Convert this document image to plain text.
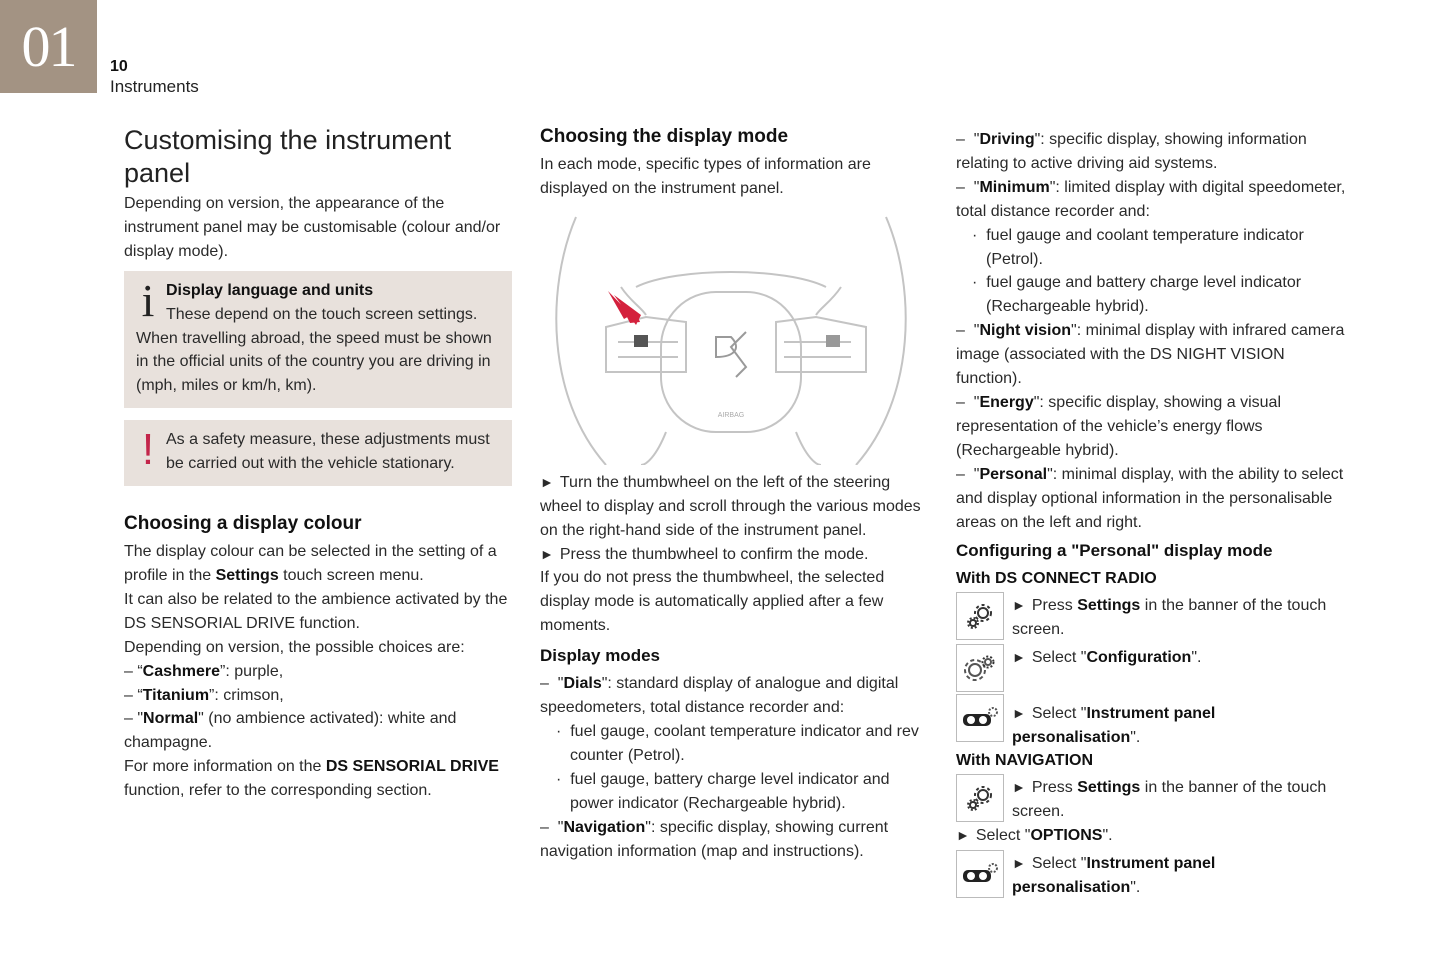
01 10
Instruments
Customising the instrument panel

Depending on version, the appearance of the instrument panel may be customisable (colour and/or display mode).

i Display language and units

These depend on the touch screen settings.

When travelling abroad, the speed must be shown in the official units of the country you are driving in (mph, miles or km/h, km).

! As a safety measure, these adjustments must be carried out with the vehicle stationary.

Choosing a display colour

The display colour can be selected in the setting of a profile in the Settings touch screen menu.

It can also be related to the ambience activated by the DS SENSORIAL DRIVE function.

Depending on version, the possible choices are:

– “Cashmere”: purple,

– “Titanium”: crimson,

– "Normal" (no ambience activated): white and champagne.

For more information on the DS SENSORIAL DRIVE function, refer to the corresponding section.

Choosing the display mode

In each mode, specific types of information are displayed on the instrument panel.

AIRBAG

► Turn the thumbwheel on the left of the steering wheel to display and scroll through the various modes on the right-hand side of the instrument panel.

► Press the thumbwheel to confirm the mode.

If you do not press the thumbwheel, the selected display mode is automatically applied after a few moments.

Display modes

–  "Dials": standard display of analogue and digital speedometers, total distance recorder and:

·  fuel gauge, coolant temperature indicator and rev counter (Petrol).

·  fuel gauge, battery charge level indicator and power indicator (Rechargeable hybrid).

–  "Navigation": specific display, showing current navigation information (map and instructions).

–  "Driving": specific display, showing information relating to active driving aid systems.

–  "Minimum": limited display with digital speedometer, total distance recorder and:

·  fuel gauge and coolant temperature indicator (Petrol).

·  fuel gauge and battery charge level indicator (Rechargeable hybrid).

–  "Night vision": minimal display with infrared camera image (associated with the DS NIGHT VISION function).

–  "Energy": specific display, showing a visual representation of the vehicle’s energy flows (Rechargeable hybrid).

–  "Personal": minimal display, with the ability to select and display optional information in the personalisable areas on the left and right.

Configuring a "Personal" display mode
With DS CONNECT RADIO
► Press Settings in the banner of the touch screen.
► Select "Configuration".
► Select "Instrument panel personalisation".
With NAVIGATION
► Press Settings in the banner of the touch screen.

► Select "OPTIONS".

► Select "Instrument panel personalisation".
